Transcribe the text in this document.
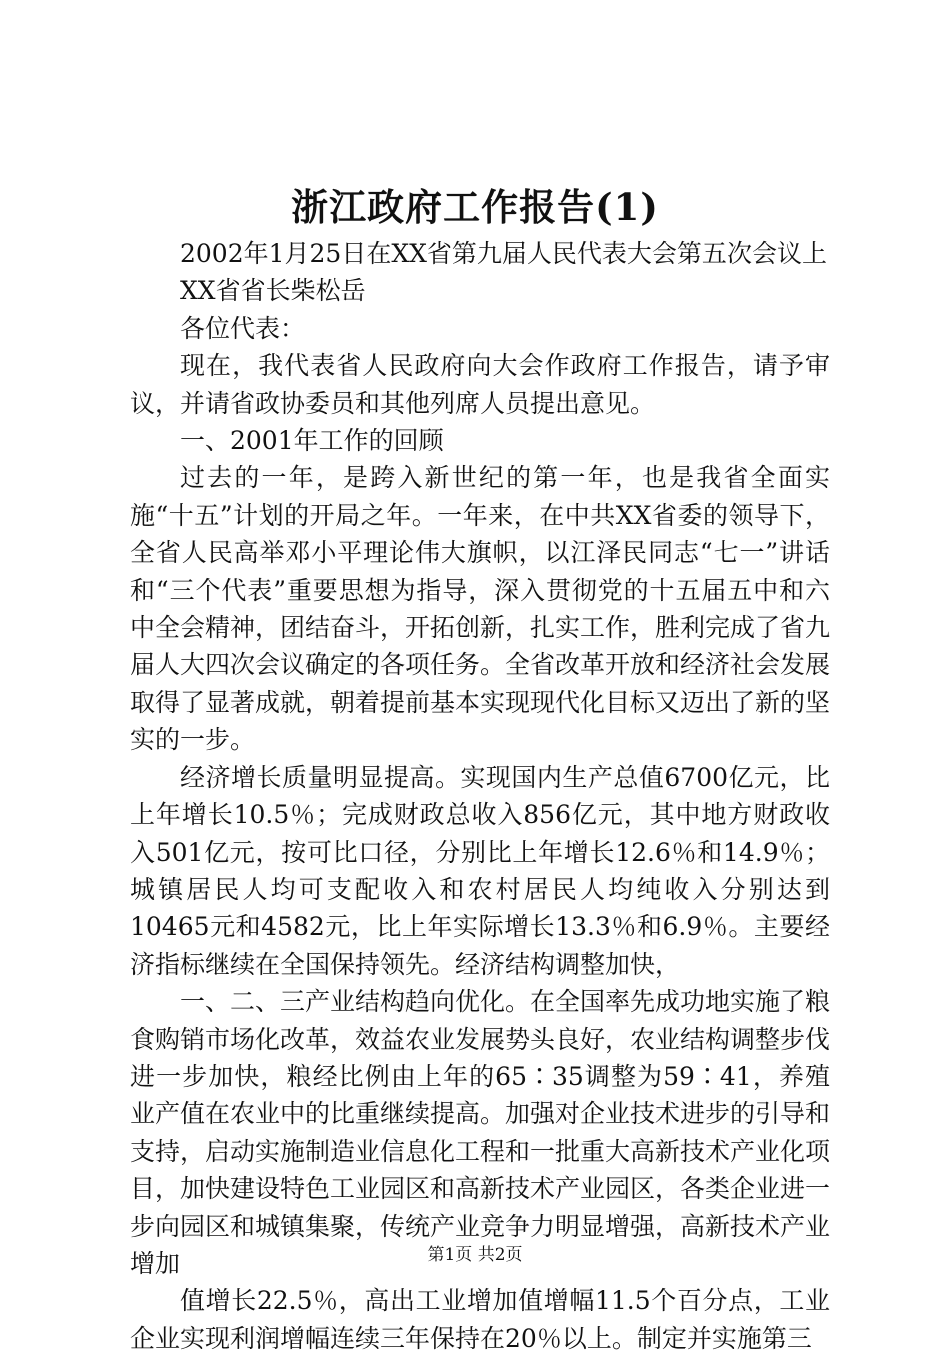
浙江政府工作报告(1)

2002年1月25日在XX省第九届人民代表大会第五次会议上

XX省省长柴松岳

各位代表：

现在，我代表省人民政府向大会作政府工作报告，请予审议，并请省政协委员和其他列席人员提出意见。

一、2001年工作的回顾

过去的一年，是跨入新世纪的第一年，也是我省全面实施“十五”计划的开局之年。一年来，在中共XX省委的领导下，全省人民高举邓小平理论伟大旗帜，以江泽民同志“七一”讲话和“三个代表”重要思想为指导，深入贯彻党的十五届五中和六中全会精神，团结奋斗，开拓创新，扎实工作，胜利完成了省九届人大四次会议确定的各项任务。全省改革开放和经济社会发展取得了显著成就，朝着提前基本实现现代化目标又迈出了新的坚实的一步。

经济增长质量明显提高。实现国内生产总值6700亿元，比上年增长10.5％；完成财政总收入856亿元，其中地方财政收入501亿元，按可比口径，分别比上年增长12.6％和14.9％；城镇居民人均可支配收入和农村居民人均纯收入分别达到10465元和4582元，比上年实际增长13.3％和6.9％。主要经济指标继续在全国保持领先。经济结构调整加快，

一、二、三产业结构趋向优化。在全国率先成功地实施了粮食购销市场化改革，效益农业发展势头良好，农业结构调整步伐进一步加快，粮经比例由上年的65∶35调整为59∶41，养殖业产值在农业中的比重继续提高。加强对企业技术进步的引导和支持，启动实施制造业信息化工程和一批重大高新技术产业化项目，加快建设特色工业园区和高新技术产业园区，各类企业进一步向园区和城镇集聚，传统产业竞争力明显增强，高新技术产业增加

值增长22.5％，高出工业增加值增幅11.5个百分点，工业企业实现利润增幅连续三年保持在20％以上。制定并实施第三

第1页 共2页
